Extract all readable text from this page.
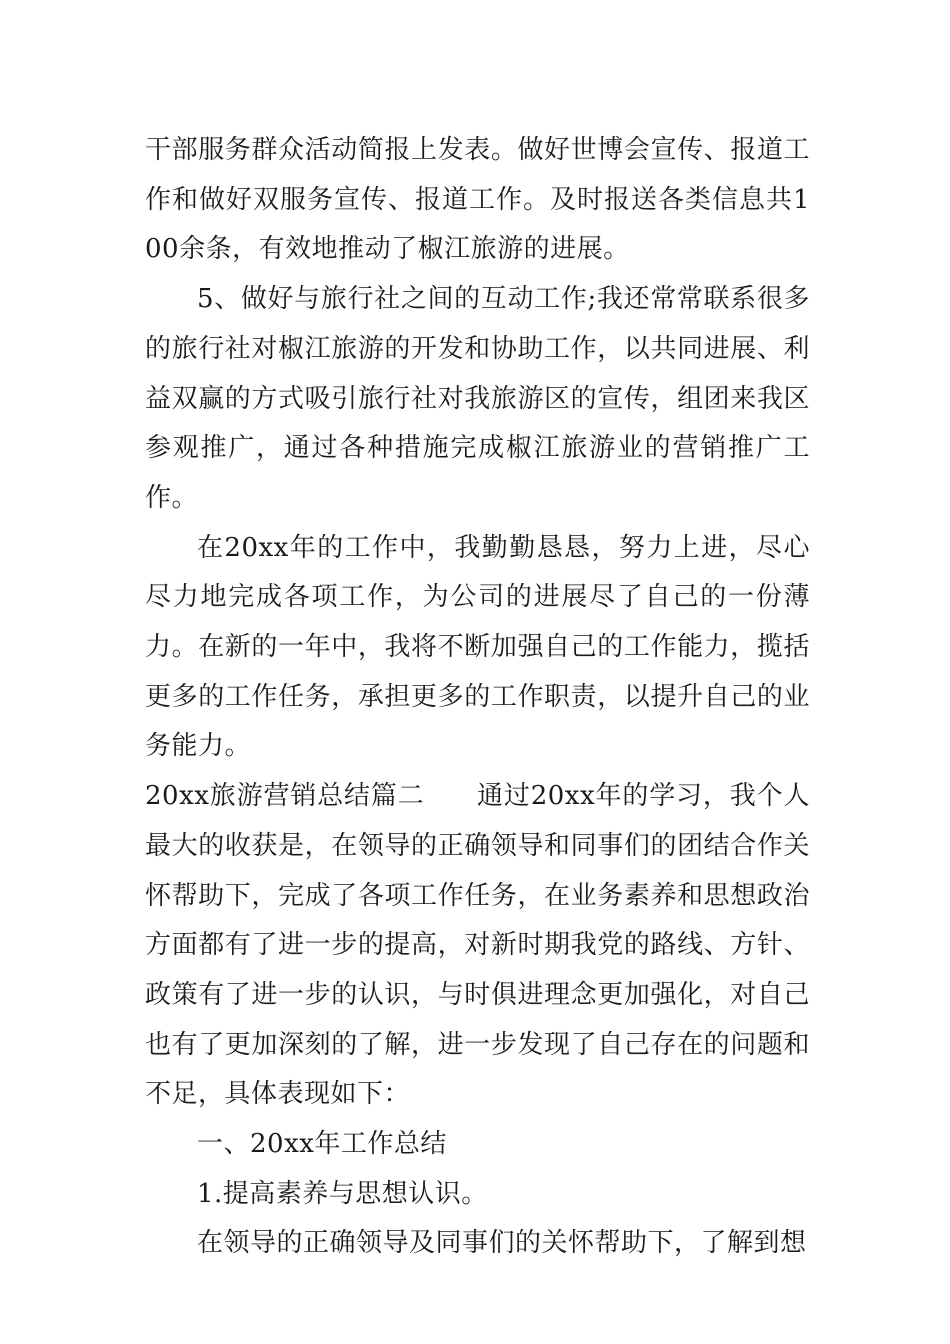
干部服务群众活动简报上发表。做好世博会宣传、报道工作和做好双服务宣传、报道工作。及时报送各类信息共100余条，有效地推动了椒江旅游的进展。

5、做好与旅行社之间的互动工作;我还常常联系很多的旅行社对椒江旅游的开发和协助工作，以共同进展、利益双赢的方式吸引旅行社对我旅游区的宣传，组团来我区参观推广，通过各种措施完成椒江旅游业的营销推广工作。

在20xx年的工作中，我勤勤恳恳，努力上进，尽心尽力地完成各项工作，为公司的进展尽了自己的一份薄力。在新的一年中，我将不断加强自己的工作能力，揽括更多的工作任务，承担更多的工作职责，以提升自己的业务能力。

20xx旅游营销总结篇二 通过20xx年的学习，我个人最大的收获是，在领导的正确领导和同事们的团结合作关怀帮助下，完成了各项工作任务，在业务素养和思想政治方面都有了进一步的提高，对新时期我党的路线、方针、政策有了进一步的认识，与时俱进理念更加强化，对自己也有了更加深刻的了解，进一步发现了自己存在的问题和不足，具体表现如下：

一、20xx年工作总结

1.提高素养与思想认识。

在领导的正确领导及同事们的关怀帮助下，了解到想
